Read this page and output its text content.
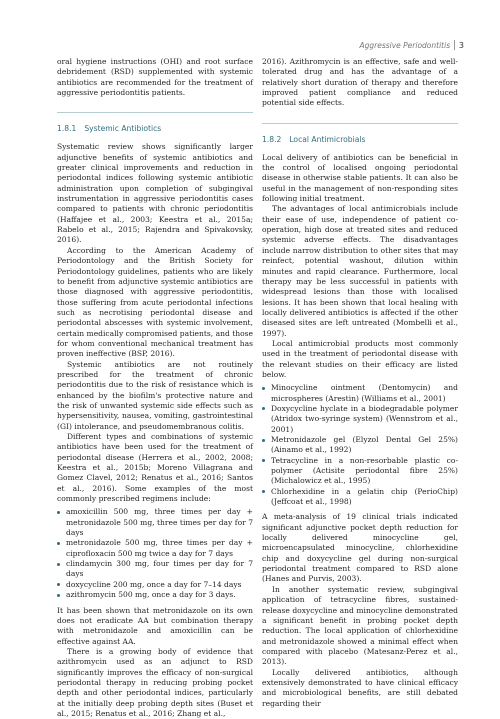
Aggressive Periodontitis 3

oral hygiene instructions (OHI) and root surface debridement (RSD) supplemented with systemic antibiotics are recommended for the treatment of aggressive periodontitis patients.

1.8.1 Systemic Antibiotics

Systematic review shows significantly larger adjunctive benefits of systemic antibiotics and greater clinical improvements and reduction in periodontal indices following systemic antibiotic administration upon completion of subgingival instrumentation in aggressive periodontitis cases compared to patients with chronic periodontitis (Haffajee et al., 2003; Keestra et al., 2015a; Rabelo et al., 2015; Rajendra and Spivakovsky, 2016).

According to the American Academy of Periodontology and the British Society for Periodontology guidelines, patients who are likely to benefit from adjunctive systemic antibiotics are those diagnosed with aggressive periodontitis, those suffering from acute periodontal infections such as necrotising periodontal disease and periodontal abscesses with systemic involvement, certain medically compromised patients, and those for whom conventional mechanical treatment has proven ineffective (BSP, 2016).

Systemic antibiotics are not routinely prescribed for the treatment of chronic periodontitis due to the risk of resistance which is enhanced by the biofilm's protective nature and the risk of unwanted systemic side effects such as hypersensitivity, nausea, vomiting, gastrointestinal (GI) intolerance, and pseudomembranous colitis.

Different types and combinations of systemic antibiotics have been used for the treatment of periodontal disease (Herrera et al., 2002, 2008; Keestra et al., 2015b; Moreno Villagrana and Gomez Clavel, 2012; Renatus et al., 2016; Santos et al., 2016). Some examples of the most commonly prescribed regimens include:

amoxicillin 500 mg, three times per day + metronidazole 500 mg, three times per day for 7 days
metronidazole 500 mg, three times per day + ciprofloxacin 500 mg twice a day for 7 days
clindamycin 300 mg, four times per day for 7 days
doxycycline 200 mg, once a day for 7–14 days
azithromycin 500 mg, once a day for 3 days.

It has been shown that metronidazole on its own does not eradicate AA but combination therapy with metronidazole and amoxicillin can be effective against AA.

There is a growing body of evidence that azithromycin used as an adjunct to RSD significantly improves the efficacy of non-surgical periodontal therapy in reducing probing pocket depth and other periodontal indices, particularly at the initially deep probing depth sites (Buset et al., 2015; Renatus et al., 2016; Zhang et al.,

2016). Azithromycin is an effective, safe and well-tolerated drug and has the advantage of a relatively short duration of therapy and therefore improved patient compliance and reduced potential side effects.

1.8.2 Local Antimicrobials

Local delivery of antibiotics can be beneficial in the control of localised ongoing periodontal disease in otherwise stable patients. It can also be useful in the management of non-responding sites following initial treatment.

The advantages of local antimicrobials include their ease of use, independence of patient co-operation, high dose at treated sites and reduced systemic adverse effects. The disadvantages include narrow distribution to other sites that may reinfect, potential washout, dilution within minutes and rapid clearance. Furthermore, local therapy may be less successful in patients with widespread lesions than those with localised lesions. It has been shown that local healing with locally delivered antibiotics is affected if the other diseased sites are left untreated (Mombelli et al., 1997).

Local antimicrobial products most commonly used in the treatment of periodontal disease with the relevant studies on their efficacy are listed below.

Minocycline ointment (Dentomycin) and microspheres (Arestin) (Williams et al., 2001)
Doxycycline hyclate in a biodegradable polymer (Atridox two-syringe system) (Wennstrom et al., 2001)
Metronidazole gel (Elyzol Dental Gel 25%) (Ainamo et al., 1992)
Tetracycline in a non-resorbable plastic co-polymer (Actisite periodontal fibre 25%) (Michalowicz et al., 1995)
Chlorhexidine in a gelatin chip (PerioChip) (Jeffcoat et al., 1998)

A meta-analysis of 19 clinical trials indicated significant adjunctive pocket depth reduction for locally delivered minocycline gel, microencapsulated minocycline, chlorhexidine chip and doxycycline gel during non-surgical periodontal treatment compared to RSD alone (Hanes and Purvis, 2003).

In another systematic review, subgingival application of tetracycline fibres, sustained-release doxycycline and minocycline demonstrated a significant benefit in probing pocket depth reduction. The local application of chlorhexidine and metronidazole showed a minimal effect when compared with placebo (Matesanz-Perez et al., 2013).

Locally delivered antibiotics, although extensively demonstrated to have clinical efficacy and microbiological benefits, are still debated regarding their
